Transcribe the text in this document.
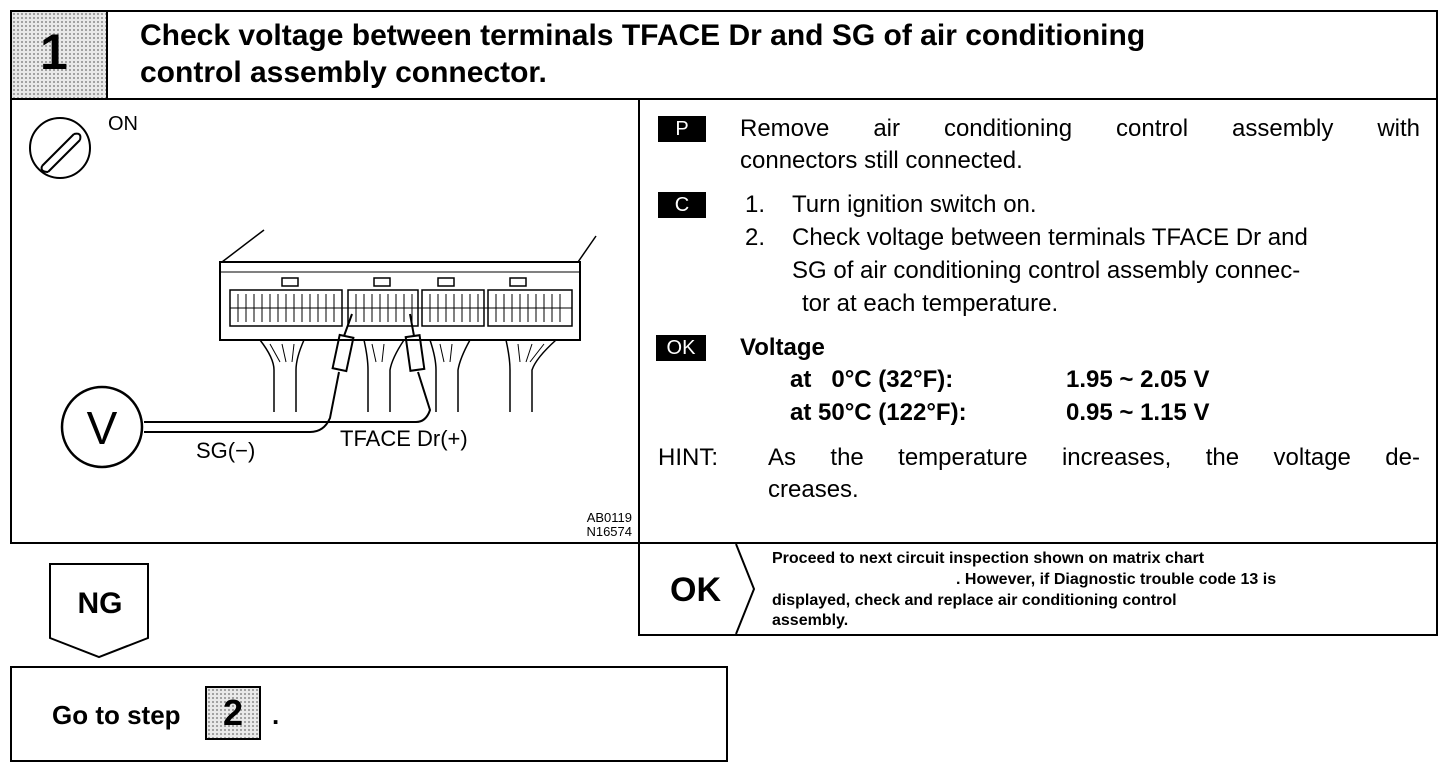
1 Check voltage between terminals TFACE Dr and SG of air conditioning
control assembly connector.
ON
V	SG(−)	TFACE Dr(+)
AB0119
N16574
P	Remove air conditioning control assembly with
connectors still connected.
C	1. Turn ignition switch on.
2. Check voltage between terminals TFACE Dr and
SG of air conditioning control assembly connec-
tor at each temperature.
OK	Voltage
at   0°C (32°F):	1.95 ~ 2.05 V
at 50°C (122°F):	0.95 ~ 1.15 V
HINT: As the temperature increases, the voltage de-
creases.
OK
Proceed to next circuit inspection shown on matrix chart
. However, if Diagnostic trouble code 13 is
displayed, check and replace air conditioning control
assembly.
NG
Go to step	2	.
